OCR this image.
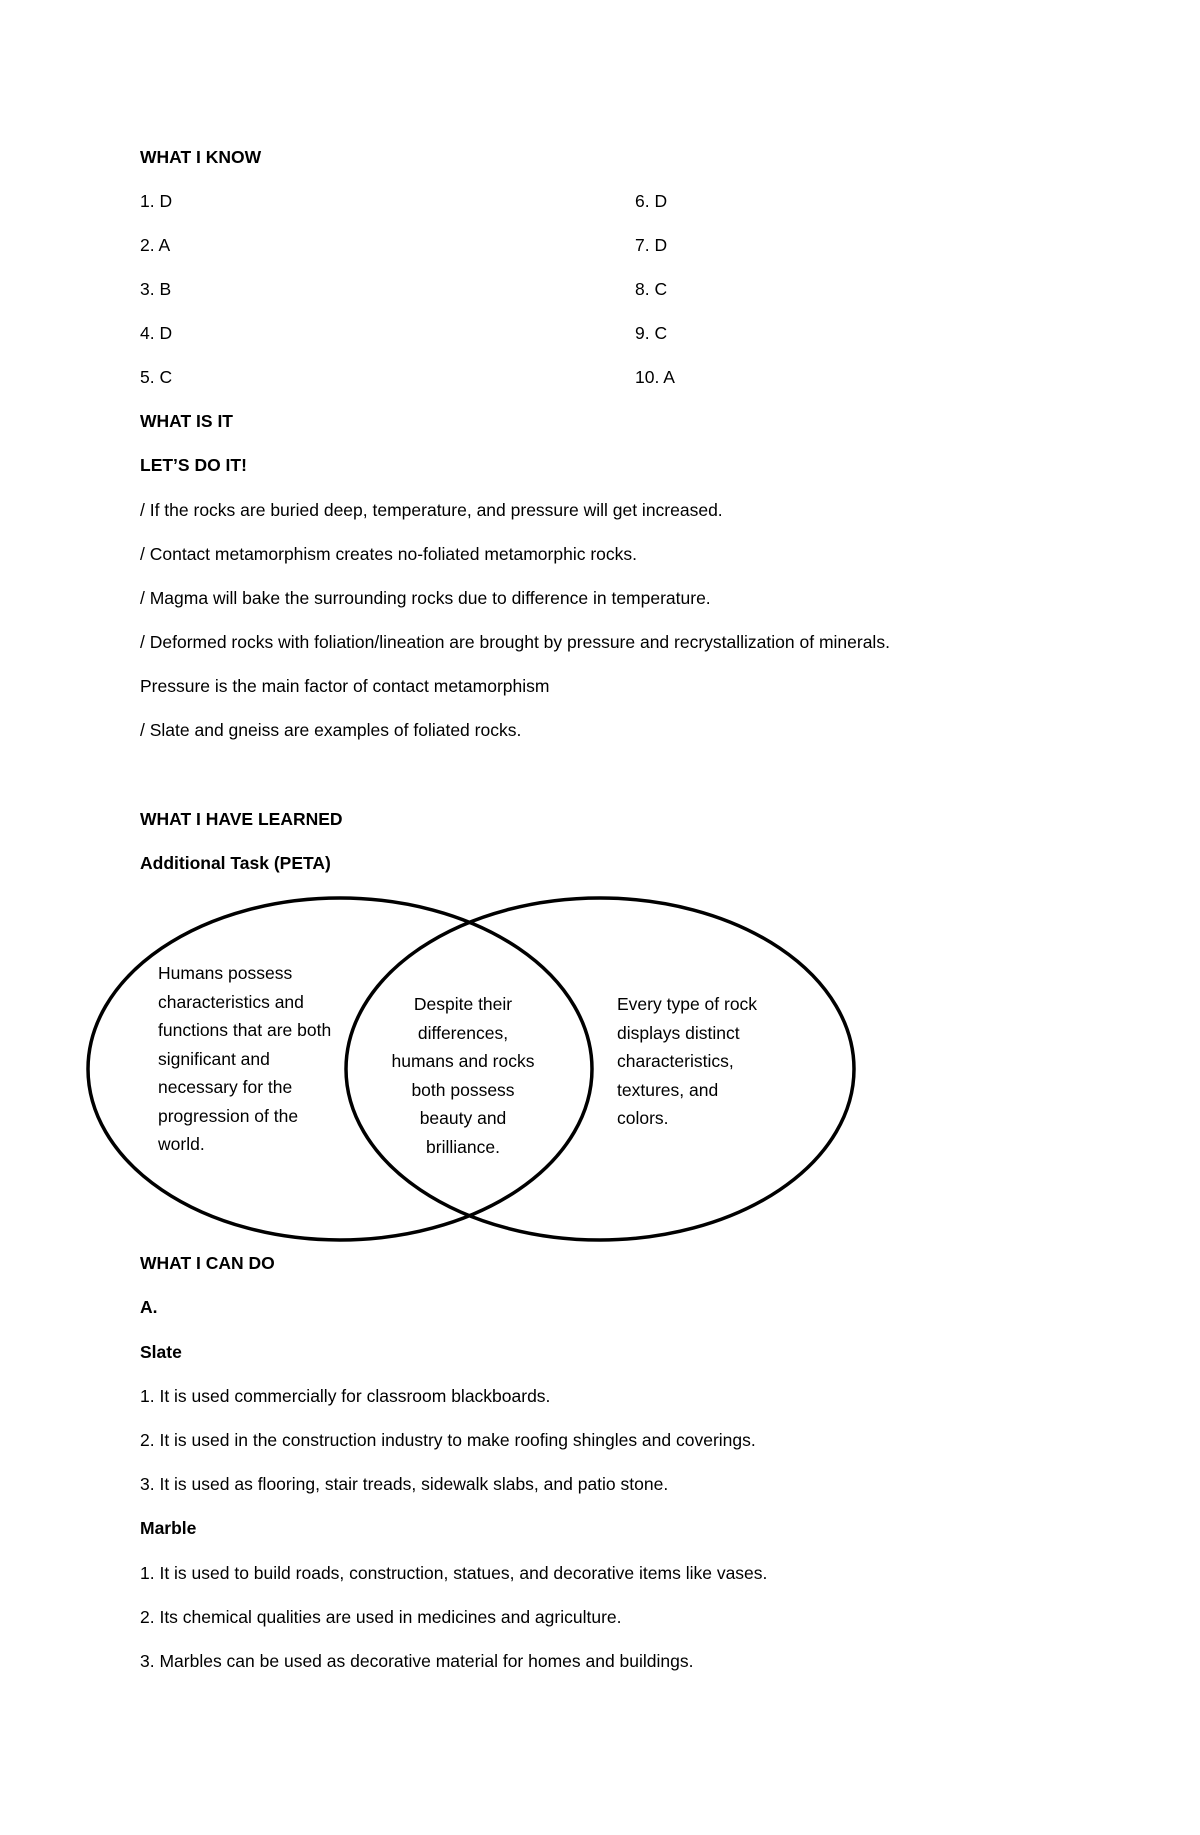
WHAT I KNOW
1. D
2. A
3. B
4. D
5. C
6. D
7. D
8. C
9. C
10. A
WHAT IS IT
LET’S DO IT!
/ If the rocks are buried deep, temperature, and pressure will get increased.
/ Contact metamorphism creates no-foliated metamorphic rocks.
/ Magma will bake the surrounding rocks due to difference in temperature.
/ Deformed rocks with foliation/lineation are brought by pressure and recrystallization of minerals.
Pressure is the main factor of contact metamorphism
/ Slate and gneiss are examples of foliated rocks.
WHAT I HAVE LEARNED
Additional Task (PETA)
Humans possess
characteristics and
functions that are both
significant and
necessary for the
progression of the
world.
Despite their
differences,
humans and rocks
both possess
beauty and
brilliance.
Every type of rock
displays distinct
characteristics,
textures, and
colors.
WHAT I CAN DO
A.
Slate
1. It is used commercially for classroom blackboards.
2. It is used in the construction industry to make roofing shingles and coverings.
3. It is used as flooring, stair treads, sidewalk slabs, and patio stone.
Marble
1. It is used to build roads, construction, statues, and decorative items like vases.
2. Its chemical qualities are used in medicines and agriculture.
3. Marbles can be used as decorative material for homes and buildings.
